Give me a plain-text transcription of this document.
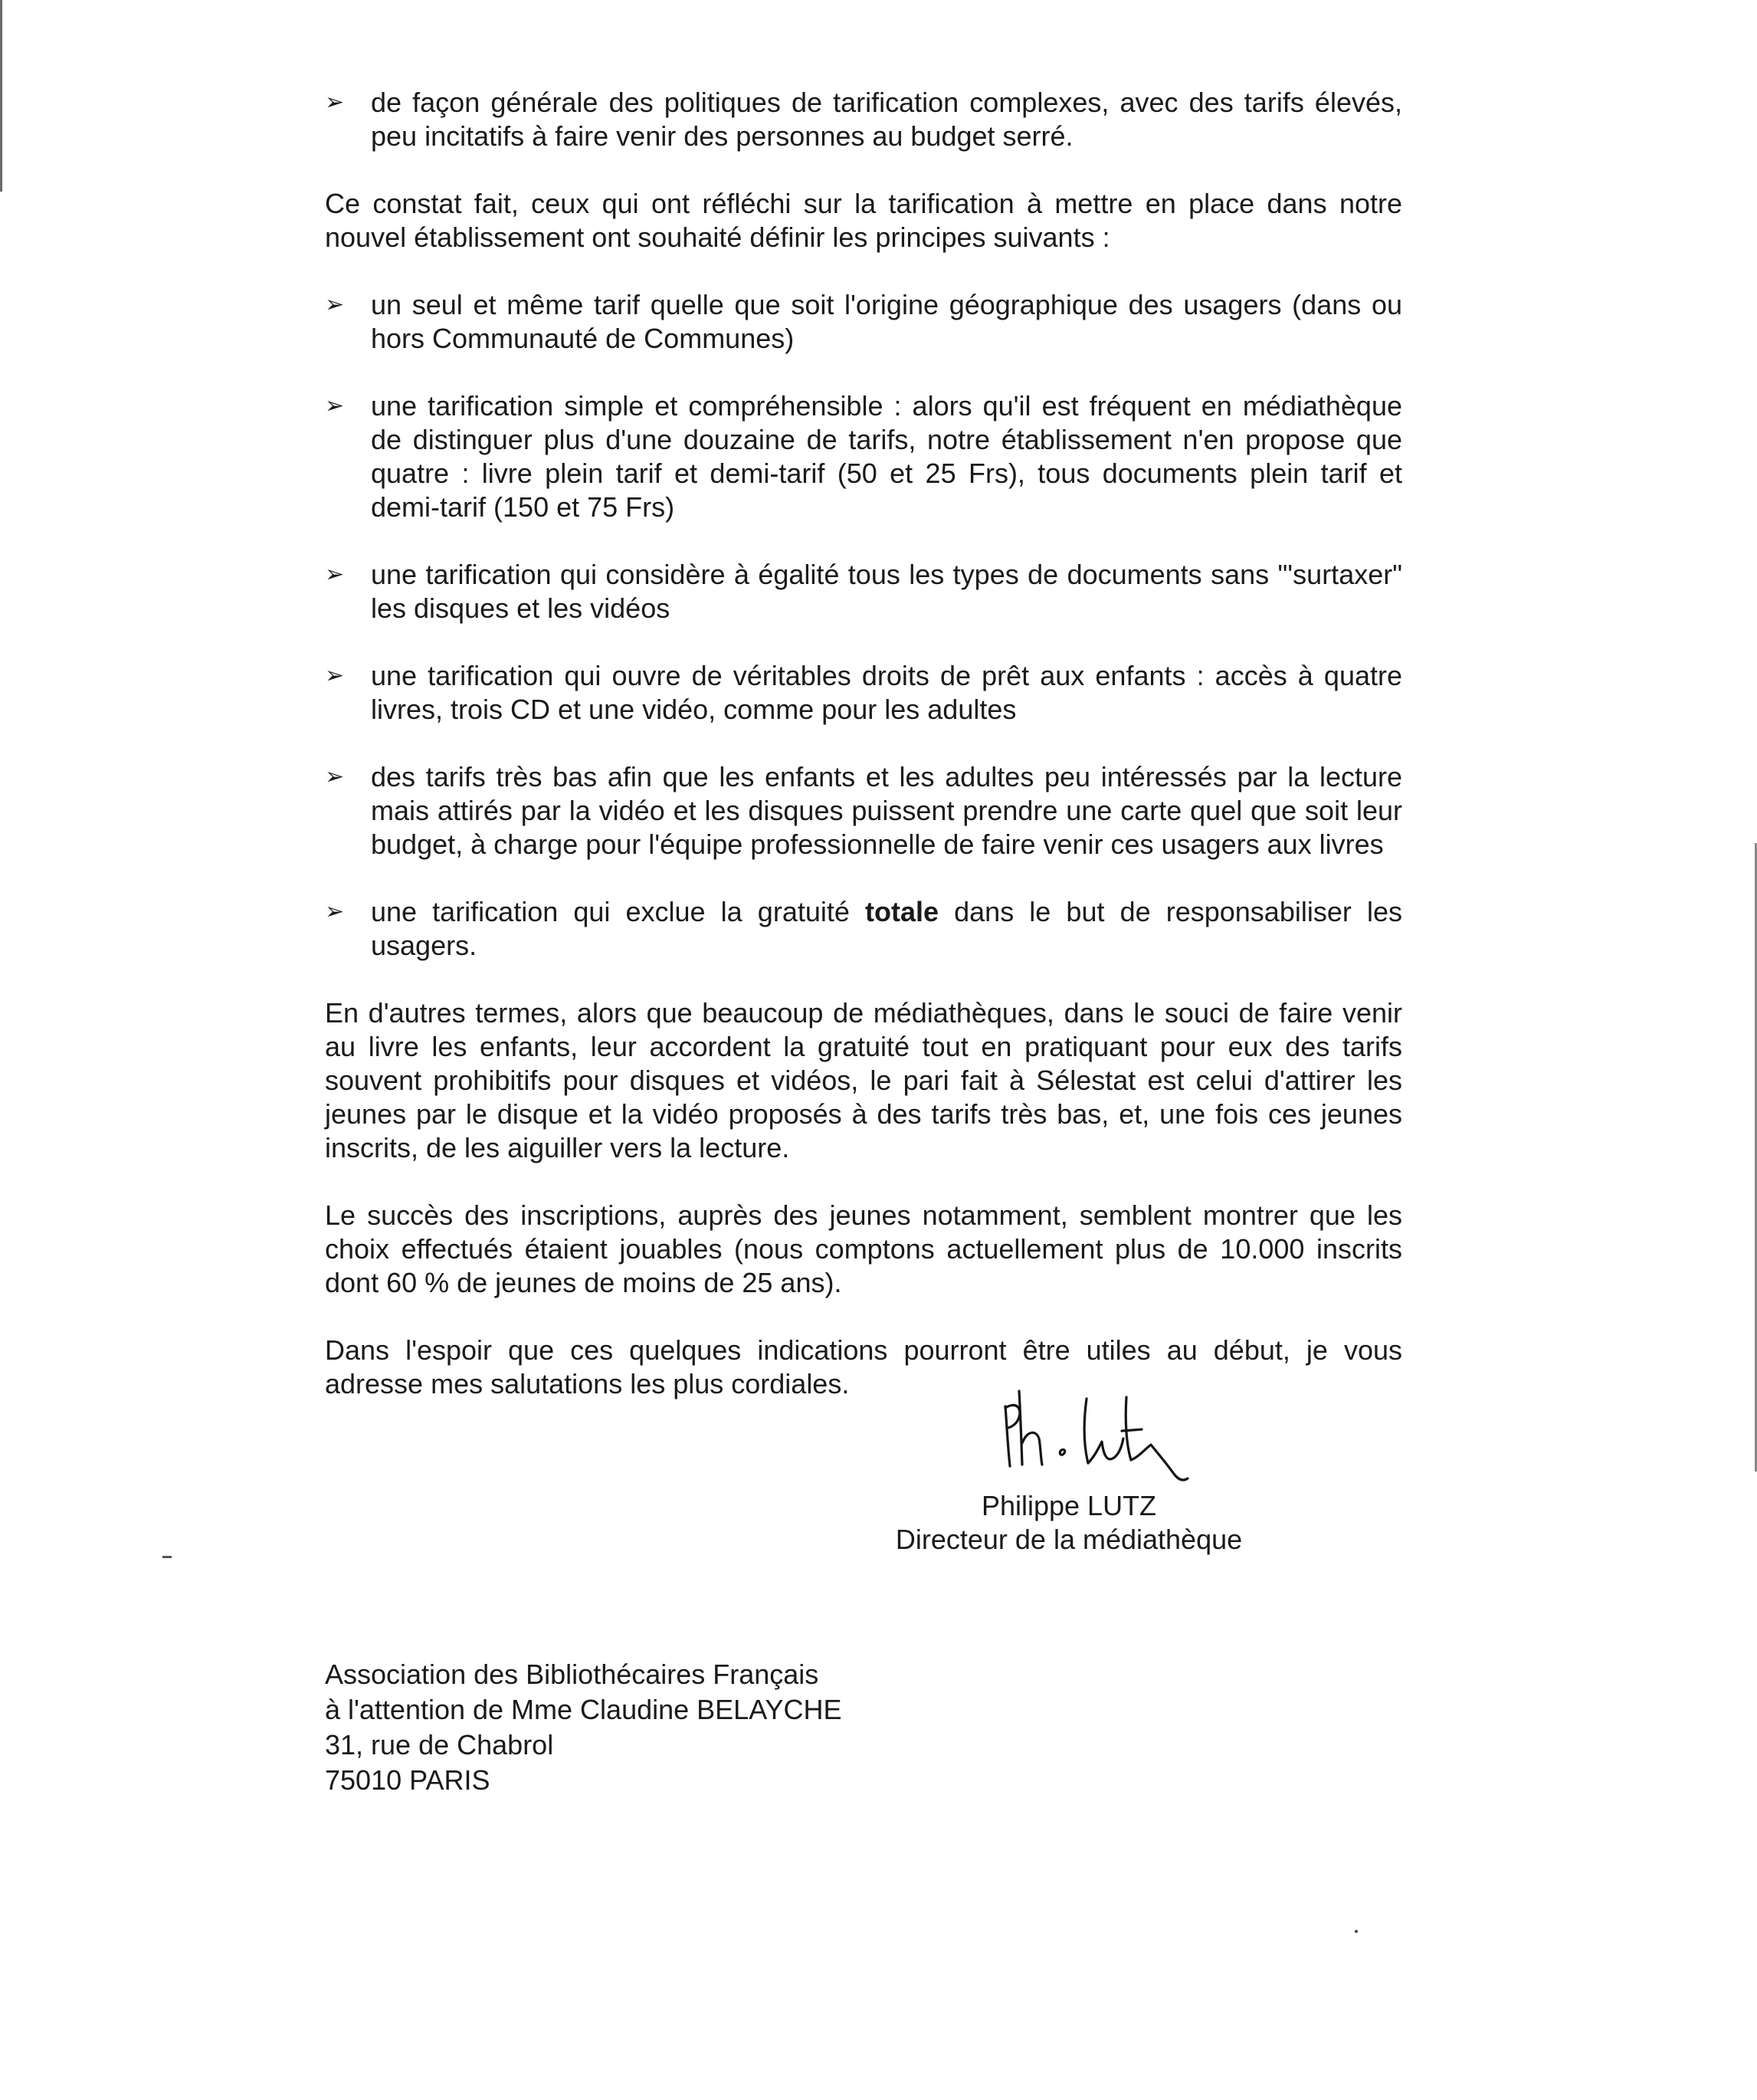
➢ de façon générale des politiques de tarification complexes, avec des tarifs élevés, peu incitatifs à faire venir des personnes au budget serré.

Ce constat fait, ceux qui ont réfléchi sur la tarification à mettre en place dans notre nouvel établissement ont souhaité définir les principes suivants :

➢ un seul et même tarif quelle que soit l'origine géographique des usagers (dans ou hors Communauté de Communes)
➢ une tarification simple et compréhensible : alors qu'il est fréquent en médiathèque de distinguer plus d'une douzaine de tarifs, notre établissement n'en propose que quatre : livre plein tarif et demi-tarif (50 et 25 Frs), tous documents plein tarif et demi-tarif (150 et 75 Frs)
➢ une tarification qui considère à égalité tous les types de documents sans "'surtaxer" les disques et les vidéos
➢ une tarification qui ouvre de véritables droits de prêt aux enfants : accès à quatre livres, trois CD et une vidéo, comme pour les adultes
➢ des tarifs très bas afin que les enfants et les adultes peu intéressés par la lecture mais attirés par la vidéo et les disques puissent prendre une carte quel que soit leur budget, à charge pour l'équipe professionnelle de faire venir ces usagers aux livres
➢ une tarification qui exclue la gratuité totale dans le but de responsabiliser les usagers.

En d'autres termes, alors que beaucoup de médiathèques, dans le souci de faire venir au livre les enfants, leur accordent la gratuité tout en pratiquant pour eux des tarifs souvent prohibitifs pour disques et vidéos, le pari fait à Sélestat est celui d'attirer les jeunes par le disque et la vidéo proposés à des tarifs très bas, et, une fois ces jeunes inscrits, de les aiguiller vers la lecture.

Le succès des inscriptions, auprès des jeunes notamment, semblent montrer que les choix effectués étaient jouables (nous comptons actuellement plus de 10.000 inscrits dont 60 % de jeunes de moins de 25 ans).

Dans l'espoir que ces quelques indications pourront être utiles au début, je vous adresse mes salutations les plus cordiales.

Philippe LUTZ
Directeur de la médiathèque
Association des Bibliothécaires Français
à l'attention de Mme Claudine BELAYCHE
31, rue de Chabrol
75010 PARIS
